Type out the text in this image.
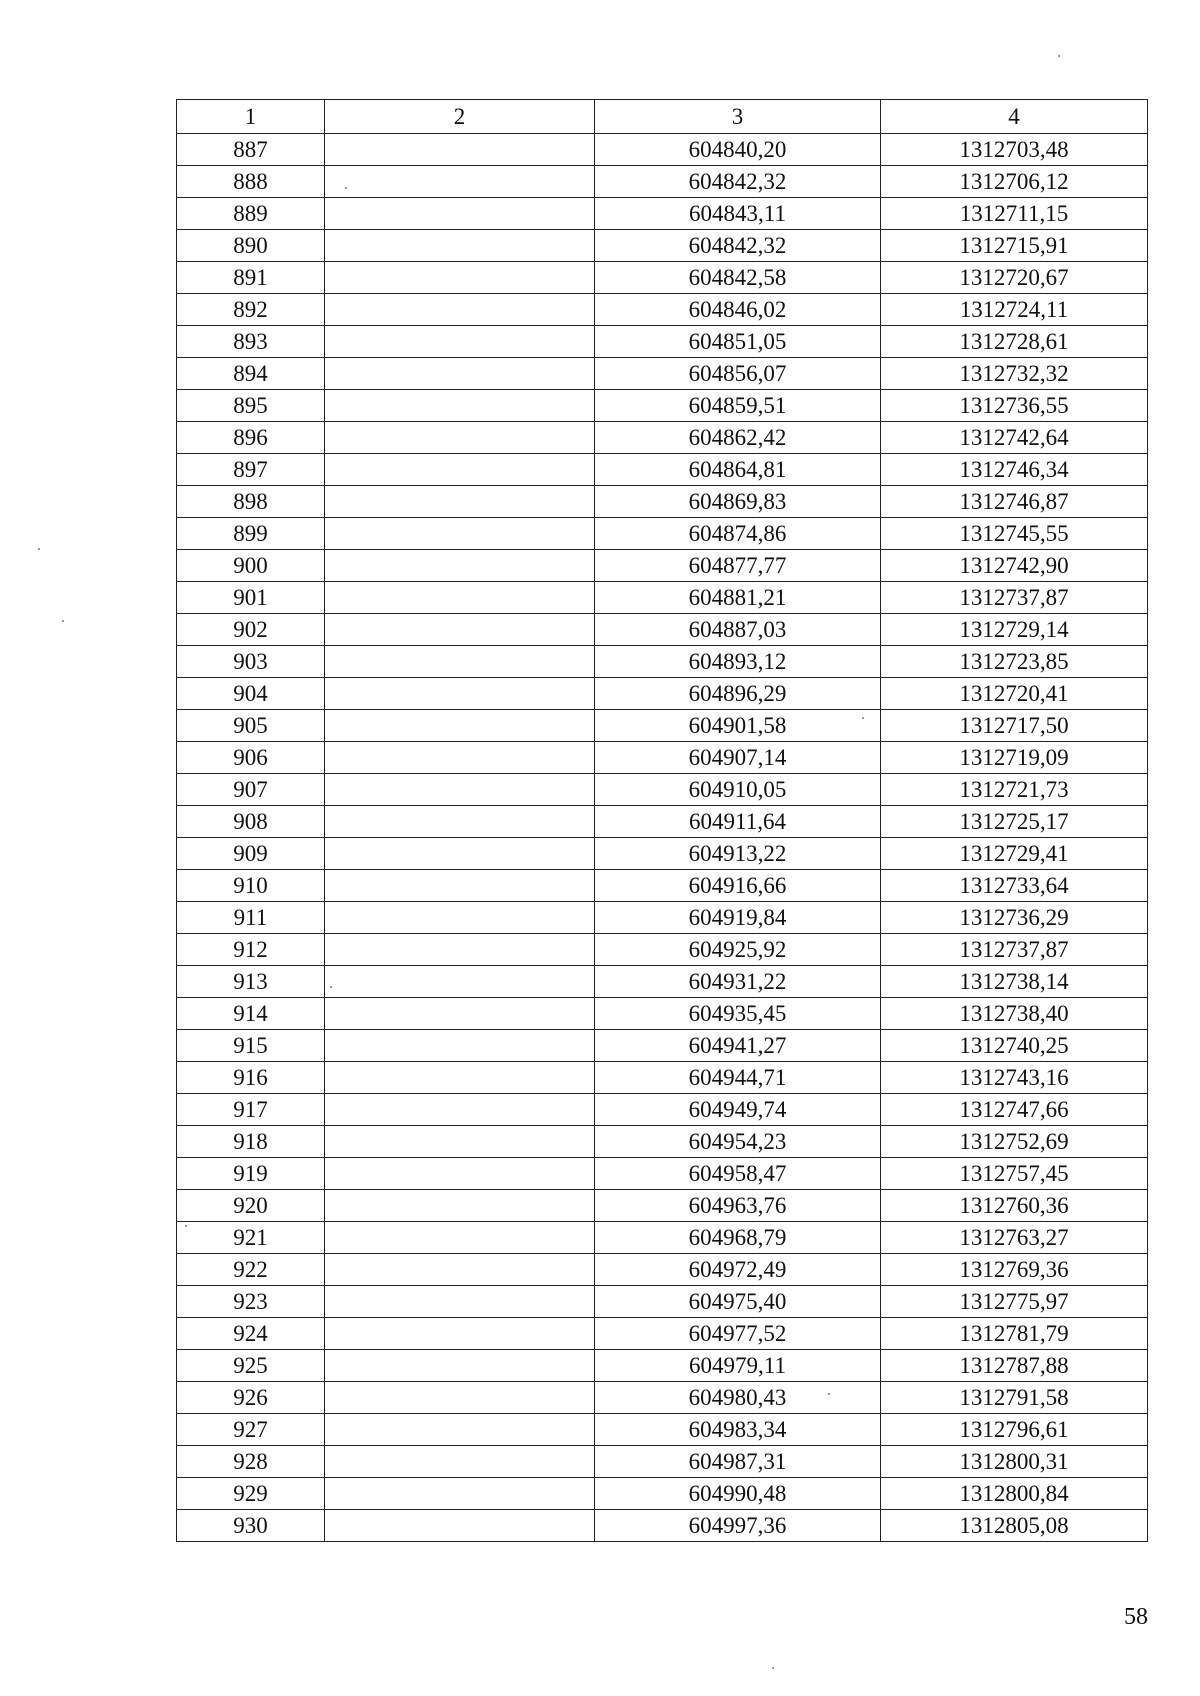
1	2	3	4
887		604840,20	1312703,48
888		604842,32	1312706,12
889		604843,11	1312711,15
890		604842,32	1312715,91
891		604842,58	1312720,67
892		604846,02	1312724,11
893		604851,05	1312728,61
894		604856,07	1312732,32
895		604859,51	1312736,55
896		604862,42	1312742,64
897		604864,81	1312746,34
898		604869,83	1312746,87
899		604874,86	1312745,55
900		604877,77	1312742,90
901		604881,21	1312737,87
902		604887,03	1312729,14
903		604893,12	1312723,85
904		604896,29	1312720,41
905		604901,58	1312717,50
906		604907,14	1312719,09
907		604910,05	1312721,73
908		604911,64	1312725,17
909		604913,22	1312729,41
910		604916,66	1312733,64
911		604919,84	1312736,29
912		604925,92	1312737,87
913		604931,22	1312738,14
914		604935,45	1312738,40
915		604941,27	1312740,25
916		604944,71	1312743,16
917		604949,74	1312747,66
918		604954,23	1312752,69
919		604958,47	1312757,45
920		604963,76	1312760,36
921		604968,79	1312763,27
922		604972,49	1312769,36
923		604975,40	1312775,97
924		604977,52	1312781,79
925		604979,11	1312787,88
926		604980,43	1312791,58
927		604983,34	1312796,61
928		604987,31	1312800,31
929		604990,48	1312800,84
930		604997,36	1312805,08
58
